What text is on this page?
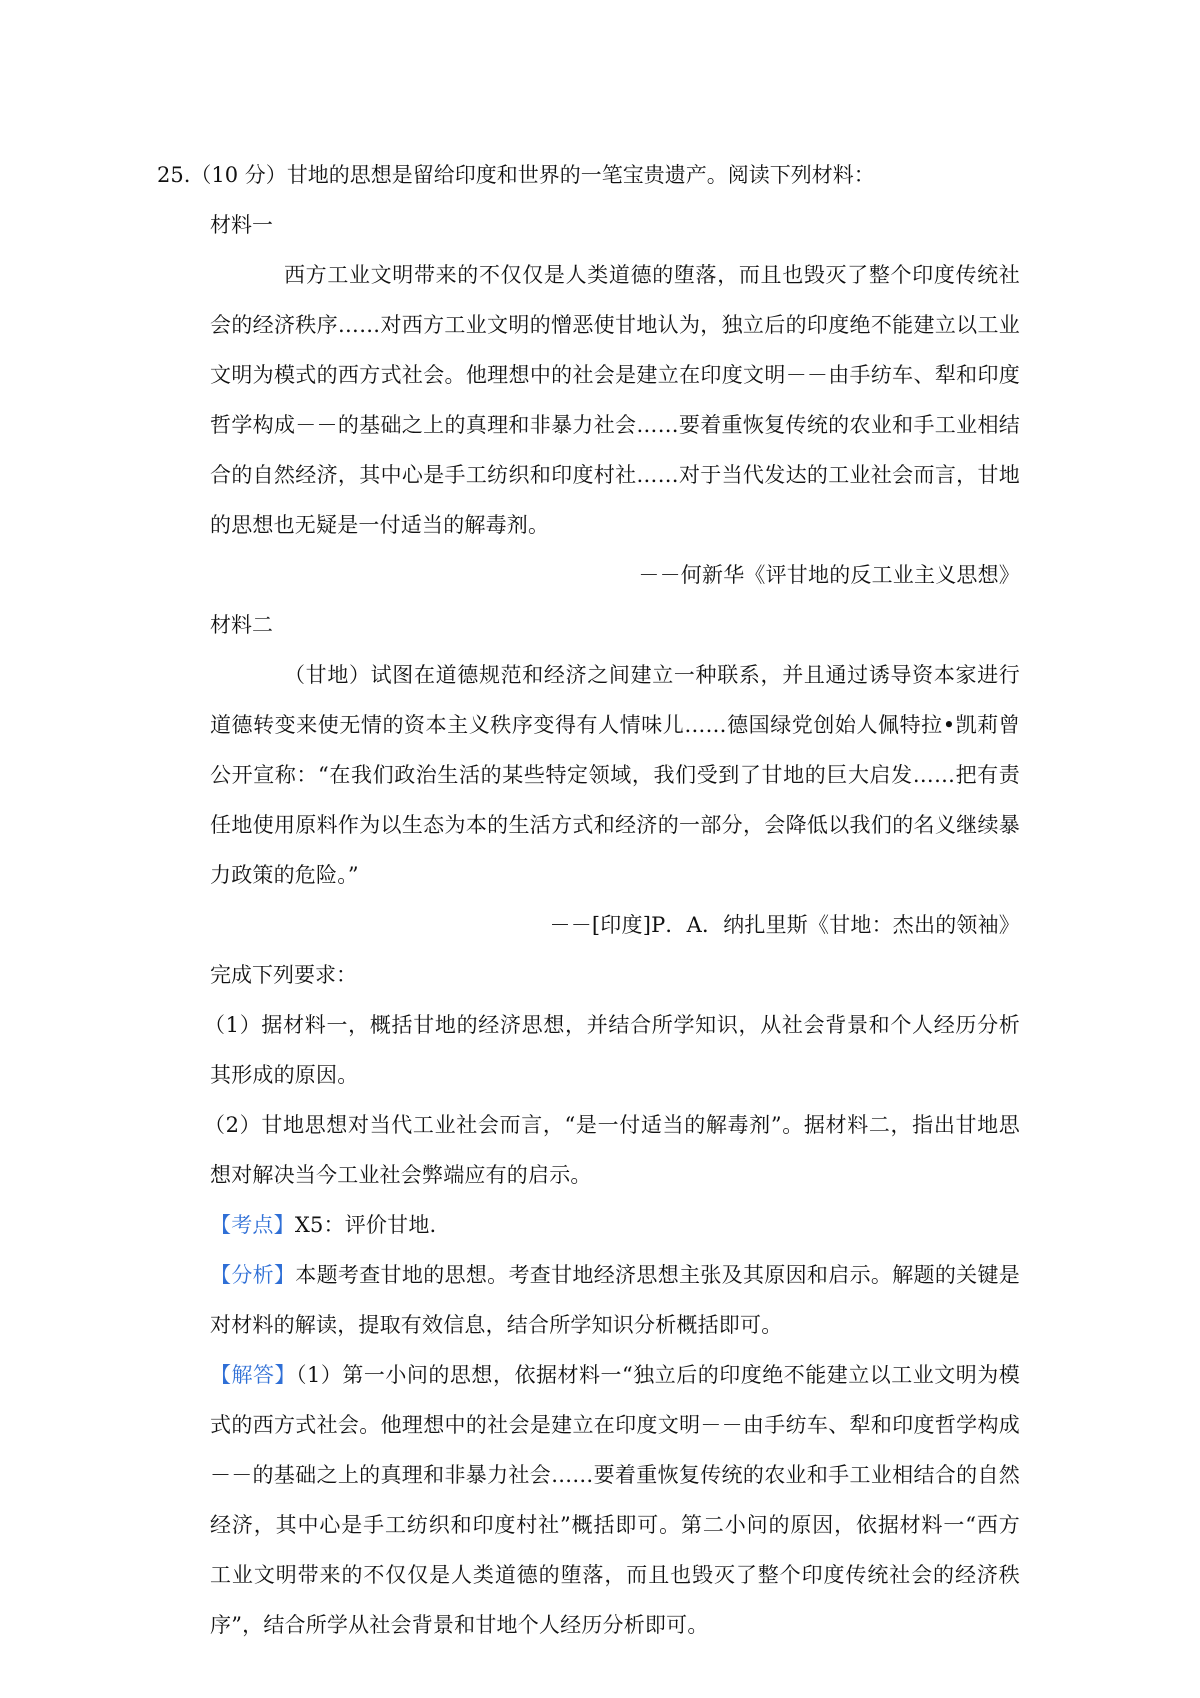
25.（10 分）甘地的思想是留给印度和世界的一笔宝贵遗产。阅读下列材料：
材料一
西方工业文明带来的不仅仅是人类道德的堕落，而且也毁灭了整个印度传统社
会的经济秩序……对西方工业文明的憎恶使甘地认为，独立后的印度绝不能建立以工业
文明为模式的西方式社会。他理想中的社会是建立在印度文明－－由手纺车、犁和印度
哲学构成－－的基础之上的真理和非暴力社会……要着重恢复传统的农业和手工业相结
合的自然经济，其中心是手工纺织和印度村社……对于当代发达的工业社会而言，甘地
的思想也无疑是一付适当的解毒剂。
－－何新华《评甘地的反工业主义思想》
材料二
（甘地）试图在道德规范和经济之间建立一种联系，并且通过诱导资本家进行
道德转变来使无情的资本主义秩序变得有人情味儿……德国绿党创始人佩特拉•凯莉曾
公开宣称：“在我们政治生活的某些特定领域，我们受到了甘地的巨大启发……把有责
任地使用原料作为以生态为本的生活方式和经济的一部分，会降低以我们的名义继续暴
力政策的危险。”
－－[印度]P．A．纳扎里斯《甘地：杰出的领袖》
完成下列要求：
（1）据材料一，概括甘地的经济思想，并结合所学知识，从社会背景和个人经历分析
其形成的原因。
（2）甘地思想对当代工业社会而言，“是一付适当的解毒剂”。据材料二，指出甘地思
想对解决当今工业社会弊端应有的启示。
【考点】X5：评价甘地.
【分析】本题考查甘地的思想。考查甘地经济思想主张及其原因和启示。解题的关键是
对材料的解读，提取有效信息，结合所学知识分析概括即可。
【解答】（1）第一小问的思想，依据材料一“独立后的印度绝不能建立以工业文明为模
式的西方式社会。他理想中的社会是建立在印度文明－－由手纺车、犁和印度哲学构成
－－的基础之上的真理和非暴力社会……要着重恢复传统的农业和手工业相结合的自然
经济，其中心是手工纺织和印度村社”概括即可。第二小问的原因，依据材料一“西方
工业文明带来的不仅仅是人类道德的堕落，而且也毁灭了整个印度传统社会的经济秩
序”，结合所学从社会背景和甘地个人经历分析即可。
